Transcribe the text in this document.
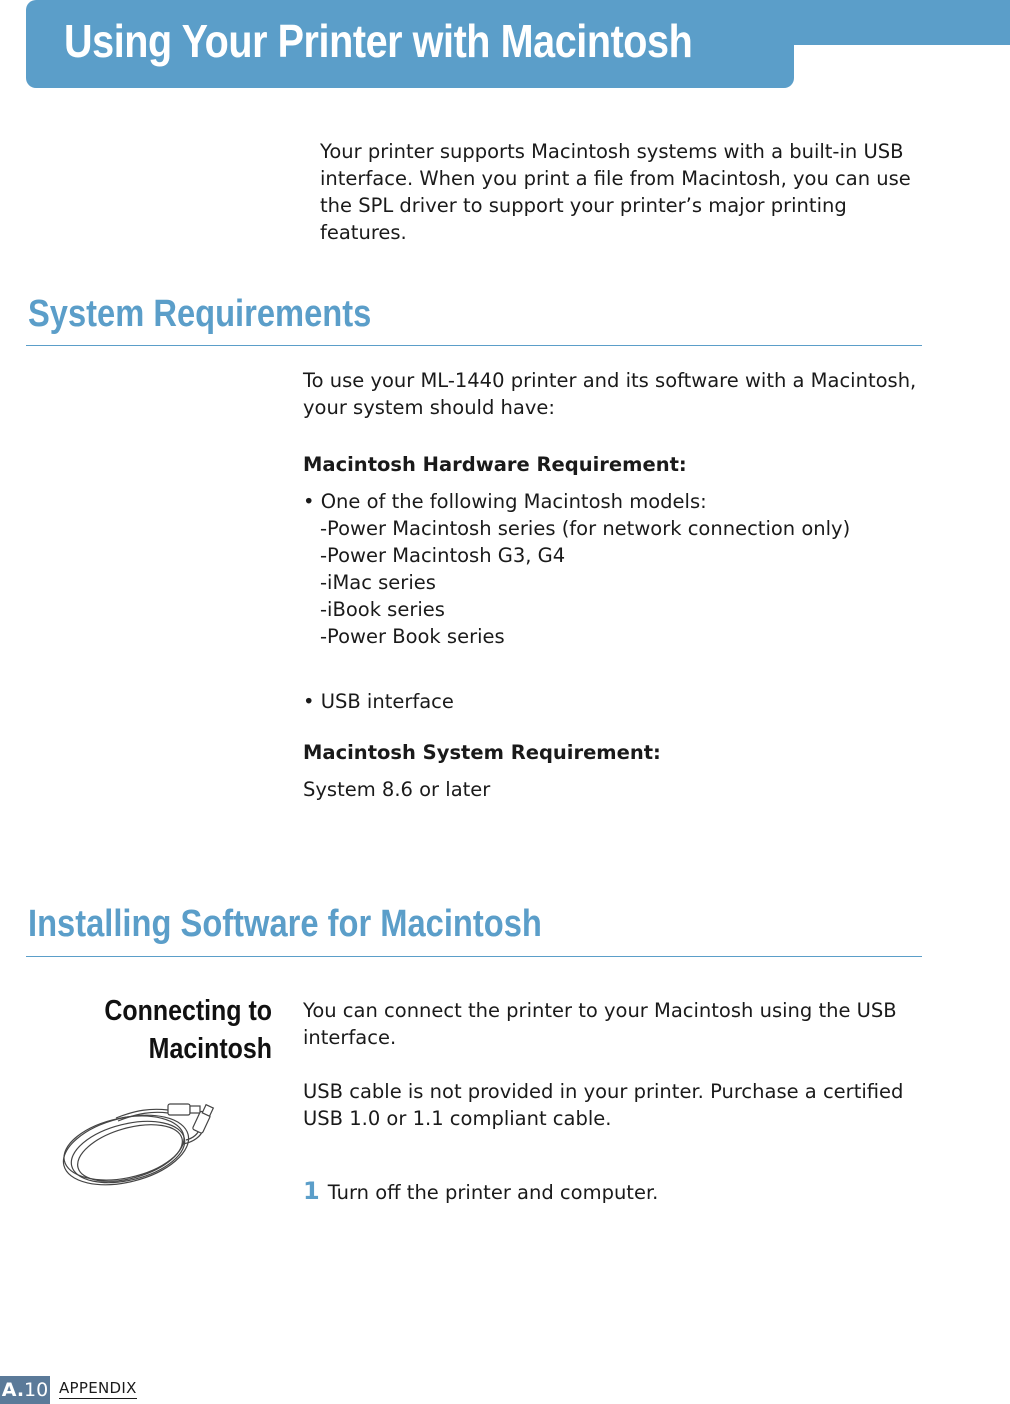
Using Your Printer with Macintosh

Your printer supports Macintosh systems with a built-in USB interface. When you print a file from Macintosh, you can use the SPL driver to support your printer’s major printing features.

System Requirements

To use your ML-1440 printer and its software with a Macintosh,

your system should have:

Macintosh Hardware Requirement:

• One of the following Macintosh models:

-Power Macintosh series (for network connection only)

-Power Macintosh G3, G4

-iMac series

-iBook series

-Power Book series

• USB interface

Macintosh System Requirement:

System 8.6 or later

Installing Software for Macintosh

Connecting to

Macintosh

You can connect the printer to your Macintosh using the USB

interface.

USB cable is not provided in your printer. Purchase a certified

USB 1.0 or 1.1 compliant cable.

1 Turn off the printer and computer.

A.10 APPENDIX
